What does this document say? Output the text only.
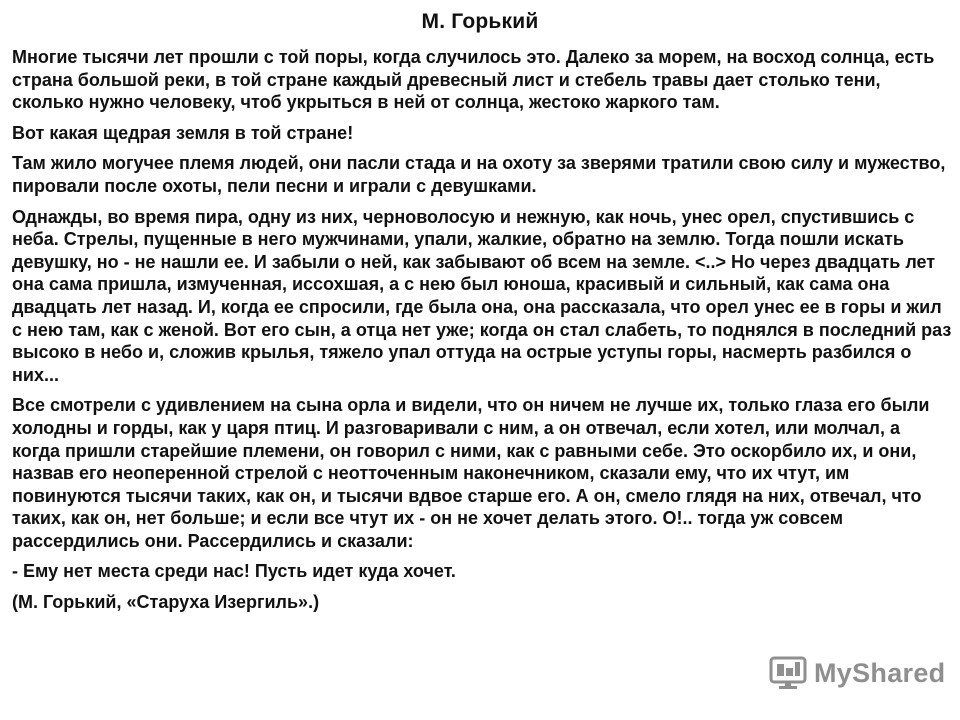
М. Горький

Многие тысячи лет прошли с той поры, когда случилось это. Далеко за морем, на восход солнца, есть страна большой реки, в той стране каждый древесный лист и стебель травы дает столько тени, сколько нужно человеку, чтоб укрыться в ней от солнца, жестоко жаркого там.

Вот какая щедрая земля в той стране!

Там жило могучее племя людей, они пасли стада и на охоту за зверями тратили свою силу и мужество, пировали после охоты, пели песни и играли с девушками.

Однажды, во время пира, одну из них, черноволосую и нежную, как ночь, унес орел, спустившись с неба. Стрелы, пущенные в него мужчинами, упали, жалкие, обратно на землю. Тогда пошли искать девушку, но - не нашли ее. И забыли о ней, как забывают об всем на земле. <..> Но через двадцать лет она сама пришла, измученная, иссохшая, а с нею был юноша, красивый и сильный, как сама она двадцать лет назад. И, когда ее спросили, где была она, она рассказала, что орел унес ее в горы и жил с нею там, как с женой. Вот его сын, а отца нет уже; когда он стал слабеть, то поднялся в последний раз высоко в небо и, сложив крылья, тяжело упал оттуда на острые уступы горы, насмерть разбился о них...

Все смотрели с удивлением на сына орла и видели, что он ничем не лучше их, только глаза его были холодны и горды, как у царя птиц. И разговаривали с ним, а он отвечал, если хотел, или молчал, а когда пришли старейшие племени, он говорил с ними, как с равными себе. Это оскорбило их, и они, назвав его неоперенной стрелой с неотточенным наконечником, сказали ему, что их чтут, им повинуются тысячи таких, как он, и тысячи вдвое старше его. А он, смело глядя на них, отвечал, что таких, как он, нет больше; и если все чтут их - он не хочет делать этого. О!.. тогда уж совсем рассердились они. Рассердились и сказали:

- Ему нет места среди нас! Пусть идет куда хочет.

(М. Горький, «Старуха Изергиль».)

MyShared
